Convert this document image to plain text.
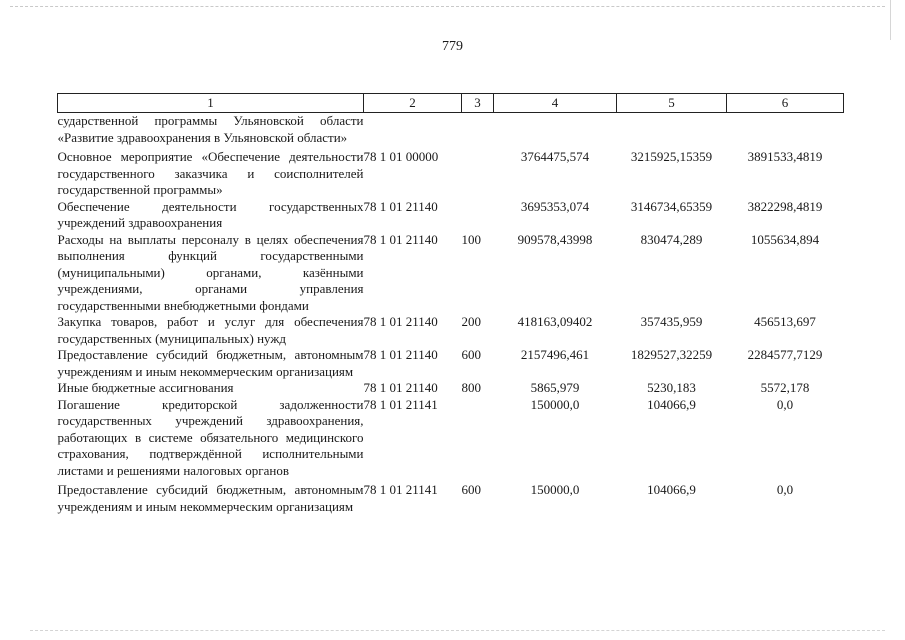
779
1	2	3	4	5	6
сударственной программы Ульяновской области «Развитие здравоохранения в Ульяновской области»					
Основное мероприятие «Обеспечение деятельности государственного заказчика и соисполнителей государственной программы»	78 1 01 00000		3764475,574	3215925,15359	3891533,4819
Обеспечение деятельности государственных учреждений здравоохранения	78 1 01 21140		3695353,074	3146734,65359	3822298,4819
Расходы на выплаты персоналу в целях обеспечения выполнения функций государственными (муниципальными) органами, казёнными учреждениями, органами управления государственными внебюджетными фондами	78 1 01 21140	100	909578,43998	830474,289	1055634,894
Закупка товаров, работ и услуг для обеспечения государственных (муниципальных) нужд	78 1 01 21140	200	418163,09402	357435,959	456513,697
Предоставление субсидий бюджетным, автономным учреждениям и иным некоммерческим организациям	78 1 01 21140	600	2157496,461	1829527,32259	2284577,7129
Иные бюджетные ассигнования	78 1 01 21140	800	5865,979	5230,183	5572,178
Погашение кредиторской задолженности государственных учреждений здравоохранения, работающих в системе обязательного медицинского страхования, подтверждённой исполнительными листами и решениями налоговых органов	78 1 01 21141		150000,0	104066,9	0,0
Предоставление субсидий бюджетным, автономным учреждениям и иным некоммерческим организациям	78 1 01 21141	600	150000,0	104066,9	0,0
